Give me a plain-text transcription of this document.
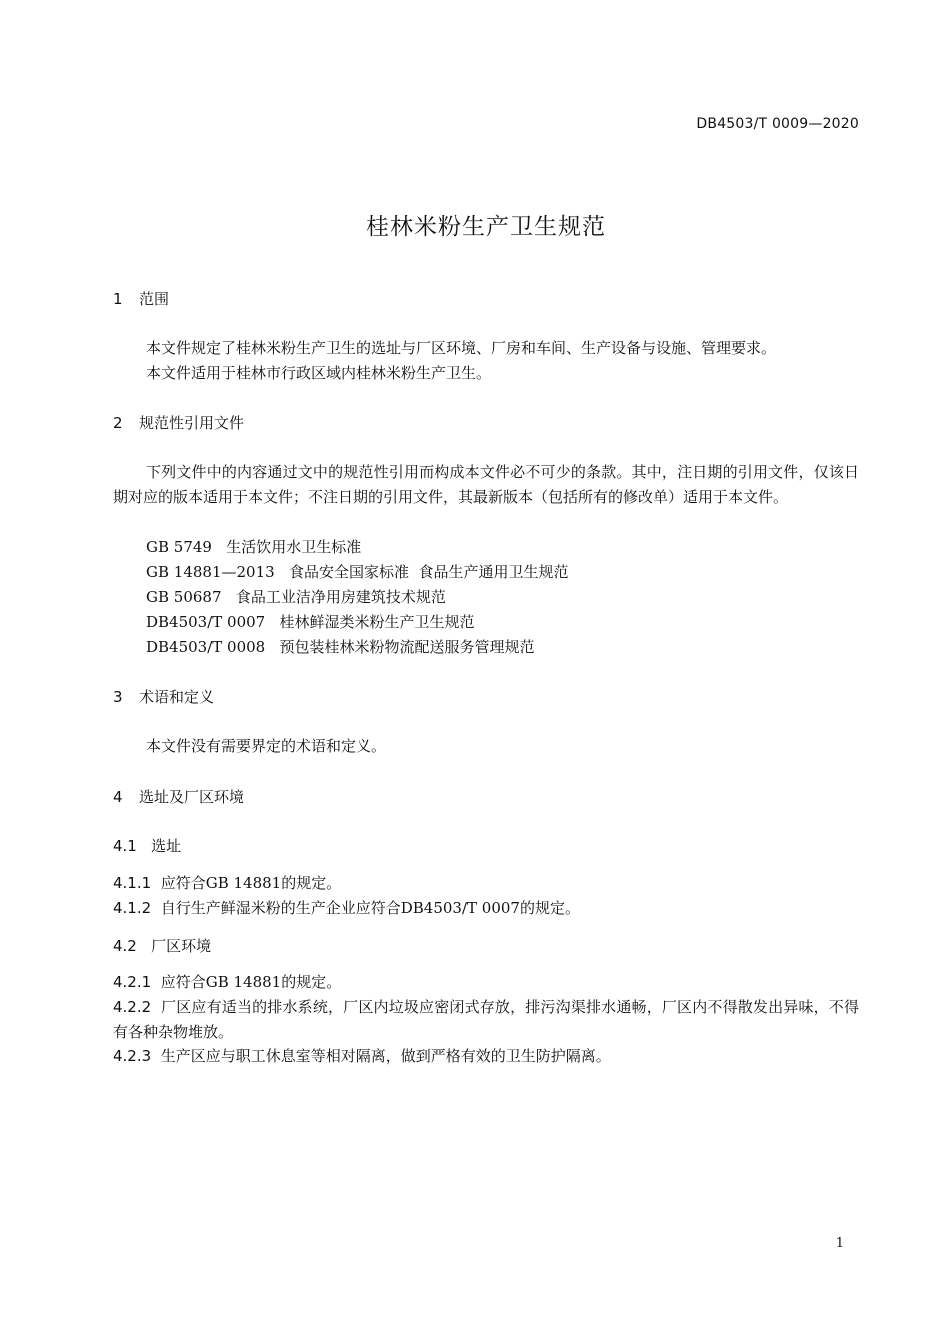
DB4503/T 0009—2020
桂林米粉生产卫生规范
1 范围
本文件规定了桂林米粉生产卫生的选址与厂区环境、厂房和车间、生产设备与设施、管理要求。
本文件适用于桂林市行政区域内桂林米粉生产卫生。
2 规范性引用文件
下列文件中的内容通过文中的规范性引用而构成本文件必不可少的条款。其中，注日期的引用文件，仅该日期对应的版本适用于本文件；不注日期的引用文件，其最新版本（包括所有的修改单）适用于本文件。
GB 5749 生活饮用水卫生标准
GB 14881—2013 食品安全国家标准  食品生产通用卫生规范
GB 50687 食品工业洁净用房建筑技术规范
DB4503/T 0007 桂林鲜湿类米粉生产卫生规范
DB4503/T 0008 预包装桂林米粉物流配送服务管理规范
3 术语和定义
本文件没有需要界定的术语和定义。
4 选址及厂区环境
4.1 选址
4.1.1 应符合GB 14881的规定。
4.1.2 自行生产鲜湿米粉的生产企业应符合DB4503/T 0007的规定。
4.2 厂区环境
4.2.1 应符合GB 14881的规定。
4.2.2 厂区应有适当的排水系统，厂区内垃圾应密闭式存放，排污沟渠排水通畅，厂区内不得散发出异味，不得有各种杂物堆放。
4.2.3 生产区应与职工休息室等相对隔离，做到严格有效的卫生防护隔离。
1
